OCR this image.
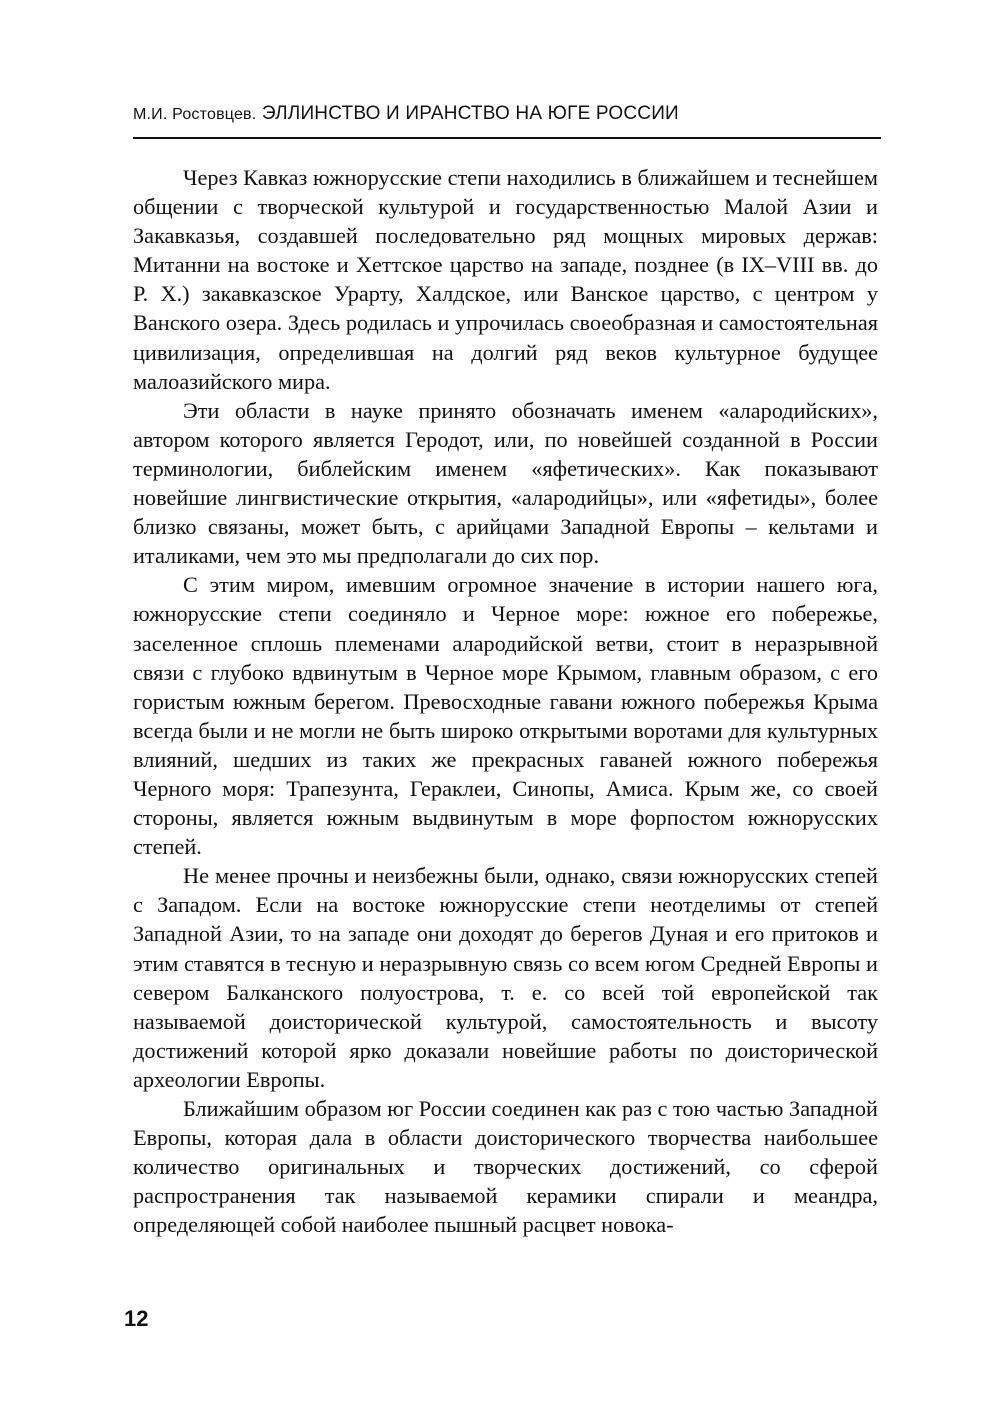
М.И. Ростовцев. ЭЛЛИНСТВО И ИРАНСТВО НА ЮГЕ РОССИИ

Через Кавказ южнорусские степи находились в ближайшем и теснейшем общении с творческой культурой и государственностью Малой Азии и Закавказья, создавшей последовательно ряд мощных мировых держав: Митанни на востоке и Хеттское царство на западе, позднее (в IX–VIII вв. до Р. Х.) закавказское Урарту, Халдское, или Ванское царство, с центром у Ванского озера. Здесь родилась и упрочилась своеобразная и самостоятельная цивилизация, определившая на долгий ряд веков культурное будущее малоазийского мира.

Эти области в науке принято обозначать именем «алародийских», автором которого является Геродот, или, по новейшей созданной в России терминологии, библейским именем «яфетических». Как показывают новейшие лингвистические открытия, «алародийцы», или «яфетиды», более близко связаны, может быть, с арийцами Западной Европы – кельтами и италиками, чем это мы предполагали до сих пор.

С этим миром, имевшим огромное значение в истории нашего юга, южнорусские степи соединяло и Черное море: южное его побережье, заселенное сплошь племенами алародийской ветви, стоит в неразрывной связи с глубоко вдвинутым в Черное море Крымом, главным образом, с его гористым южным берегом. Превосходные гавани южного побережья Крыма всегда были и не могли не быть широко открытыми воротами для культурных влияний, шедших из таких же прекрасных гаваней южного побережья Черного моря: Трапезунта, Гераклеи, Синопы, Амиса. Крым же, со своей стороны, является южным выдвинутым в море форпостом южнорусских степей.

Не менее прочны и неизбежны были, однако, связи южнорусских степей с Западом. Если на востоке южнорусские степи неотделимы от степей Западной Азии, то на западе они доходят до берегов Дуная и его притоков и этим ставятся в тесную и неразрывную связь со всем югом Средней Европы и севером Балканского полуострова, т. е. со всей той европейской так называемой доисторической культурой, самостоятельность и высоту достижений которой ярко доказали новейшие работы по доисторической археологии Европы.

Ближайшим образом юг России соединен как раз с тою частью Западной Европы, которая дала в области доисторического творчества наибольшее количество оригинальных и творческих достижений, со сферой распространения так называемой керамики спирали и меандра, определяющей собой наиболее пышный расцвет новока-

12
